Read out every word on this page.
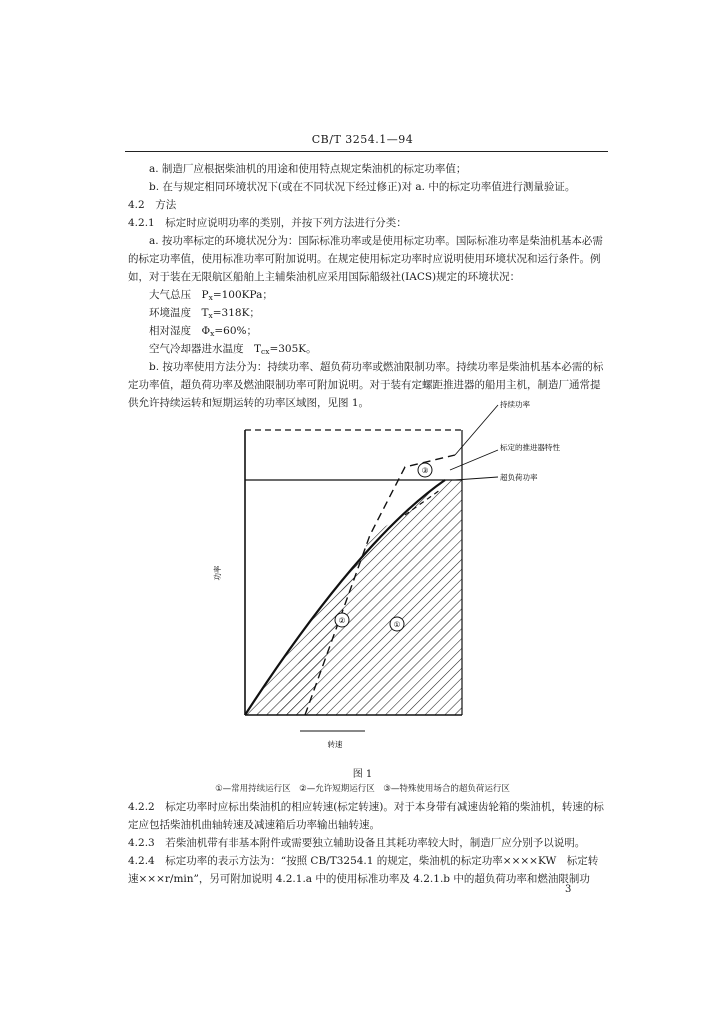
CB/T 3254.1—94

a. 制造厂应根据柴油机的用途和使用特点规定柴油机的标定功率值；

b. 在与规定相同环境状况下(或在不同状况下经过修正)对 a. 中的标定功率值进行测量验证。

4.2　方法

4.2.1　标定时应说明功率的类别，并按下列方法进行分类：

a. 按功率标定的环境状况分为：国际标准功率或是使用标定功率。国际标准功率是柴油机基本必需的标定功率值，使用标准功率可附加说明。在规定使用标定功率时应说明使用环境状况和运行条件。例如，对于装在无限航区船舶上主辅柴油机应采用国际船级社(IACS)规定的环境状况：

大气总压　 $P_x=100KPa$；
环境温度　 $T_x=318K$；
相对湿度　 $\Phi_x=60\%$；
空气冷却器进水温度　 $T_{cx}=305K$。

b. 按功率使用方法分为：持续功率、超负荷功率或燃油限制功率。持续功率是柴油机基本必需的标定功率值，超负荷功率及燃油限制功率可附加说明。对于装有定螺距推进器的船用主机，制造厂通常提供允许持续运转和短期运转的功率区域图，见图 1。

①
②
③
持续功率
标定的推进器特性
超负荷功率
功率
转速
图 1
①—常用持续运行区　②—允许短期运行区　③—特殊使用场合的超负荷运行区

4.2.2　标定功率时应标出柴油机的相应转速(标定转速)。对于本身带有减速齿轮箱的柴油机，转速的标定应包括柴油机曲轴转速及减速箱后功率输出轴转速。

4.2.3　若柴油机带有非基本附件或需要独立辅助设备且其耗功率较大时，制造厂应分别予以说明。

4.2.4　标定功率的表示方法为：“按照 CB/T3254.1 的规定，柴油机的标定功率××××KW　标定转速×××r/min”，另可附加说明 4.2.1.a 中的使用标准功率及 4.2.1.b 中的超负荷功率和燃油限制功

3
